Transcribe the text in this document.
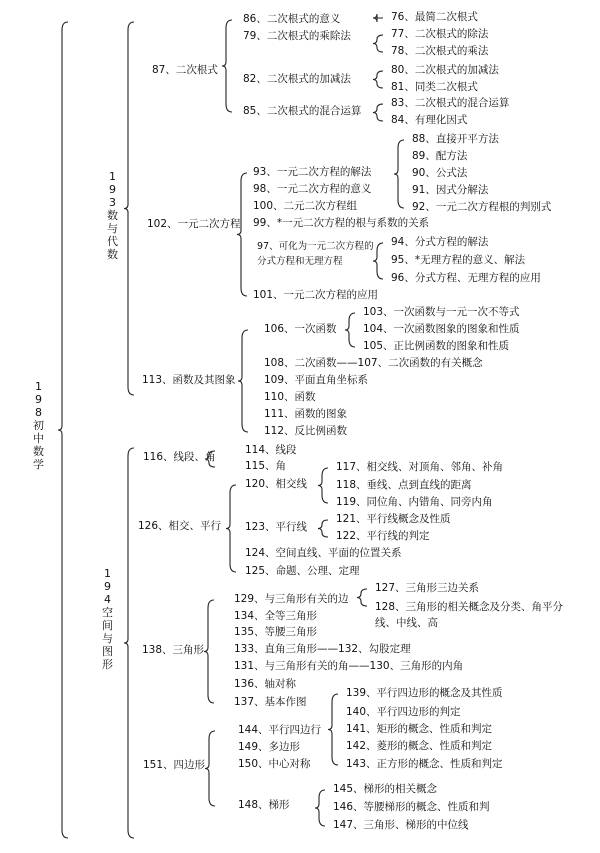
198初中数学
193数与代数
194空间与图形
87、二次根式
86、二次根式的意义	76、最简二次根式
79、二次根式的乘除法	77、二次根式的除法
78、二次根式的乘法
82、二次根式的加减法
80、二次根式的加减法
81、同类二次根式
85、二次根式的混合运算
83、二次根式的混合运算
84、有理化因式
102、一元二次方程
93、一元二次方程的解法
88、直接开平方法
89、配方法
90、公式法
91、因式分解法
92、一元二次方程根的判别式
98、一元二次方程的意义
100、二元二次方程组
99、*一元二次方程的根与系数的关系
97、可化为一元二次方程的分式方程和无理方程
94、分式方程的解法
95、*无理方程的意义、解法
96、分式方程、无理方程的应用
101、一元二次方程的应用
113、函数及其图象
106、一次函数
103、一次函数与一元一次不等式
104、一次函数图象的图象和性质
105、正比例函数的图象和性质
108、二次函数——107、二次函数的有关概念
109、平面直角坐标系
110、函数
111、函数的图象
112、反比例函数
116、线段、角
114、线段
115、角
126、相交、平行
120、相交线
117、相交线、对顶角、邻角、补角
118、垂线、点到直线的距离
119、同位角、内错角、同旁内角
123、平行线
121、平行线概念及性质
122、平行线的判定
124、空间直线、平面的位置关系
125、命题、公理、定理
138、三角形
129、与三角形有关的边
127、三角形三边关系
128、三角形的相关概念及分类、角平分线、中线、高
134、全等三角形
135、等腰三角形
133、直角三角形——132、勾股定理
131、与三角形有关的角——130、三角形的内角
136、轴对称
137、基本作图
151、四边形
144、平行四边行
139、平行四边形的概念及其性质
140、平行四边形的判定
141、矩形的概念、性质和判定
142、菱形的概念、性质和判定
143、正方形的概念、性质和判定
149、多边形
150、中心对称
148、梯形
145、梯形的相关概念
146、等腰梯形的概念、性质和判
147、三角形、梯形的中位线
